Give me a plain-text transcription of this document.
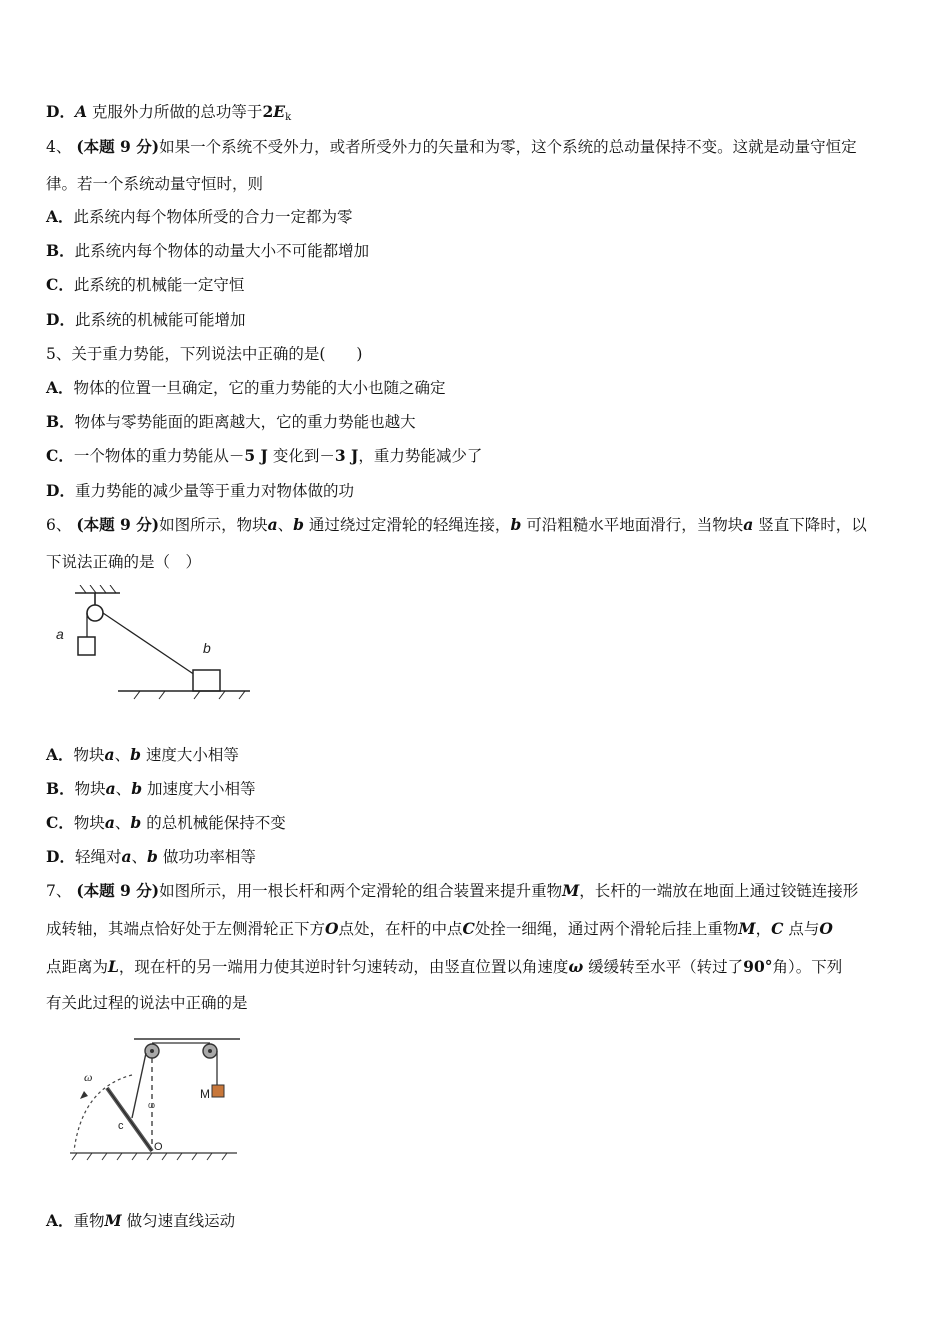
D．A 克服外力所做的总功等于$2E_k$
4、 (本题 9 分)如果一个系统不受外力，或者所受外力的矢量和为零，这个系统的总动量保持不变。这就是动量守恒定
律。若一个系统动量守恒时，则
A．此系统内每个物体所受的合力一定都为零
B．此系统内每个物体的动量大小不可能都增加
C．此系统的机械能一定守恒
D．此系统的机械能可能增加
5、关于重力势能，下列说法中正确的是(　　)
A．物体的位置一旦确定，它的重力势能的大小也随之确定
B．物体与零势能面的距离越大，它的重力势能也越大
C．一个物体的重力势能从－5 J 变化到－3 J，重力势能减少了
D．重力势能的减少量等于重力对物体做的功
6、 (本题 9 分)如图所示，物块a、b 通过绕过定滑轮的轻绳连接，b 可沿粗糙水平地面滑行，当物块a 竖直下降时，以
下说法正确的是（　）
a
b
A．物块a、b 速度大小相等
B．物块a、b 加速度大小相等
C．物块a、b 的总机械能保持不变
D．轻绳对a、b 做功功率相等
7、 (本题 9 分)如图所示，用一根长杆和两个定滑轮的组合装置来提升重物M，长杆的一端放在地面上通过铰链连接形
成转轴，其端点恰好处于左侧滑轮正下方O点处，在杆的中点C处拴一细绳，通过两个滑轮后挂上重物M，C 点与O
点距离为L，现在杆的另一端用力使其逆时针匀速转动，由竖直位置以角速度ω 缓缓转至水平（转过了90°角）。下列
有关此过程的说法中正确的是
M
ω
ω
c
O
A．重物M 做匀速直线运动
